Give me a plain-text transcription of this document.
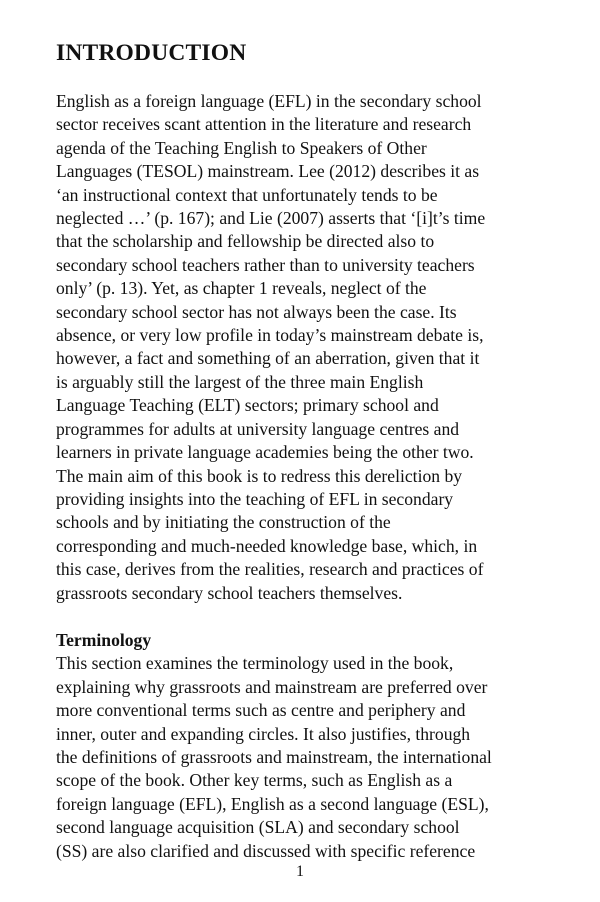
INTRODUCTION

English as a foreign language (EFL) in the secondary school
sector receives scant attention in the literature and research
agenda of the Teaching English to Speakers of Other
Languages (TESOL) mainstream. Lee (2012) describes it as
‘an instructional context that unfortunately tends to be
neglected …’ (p. 167); and Lie (2007) asserts that ‘[i]t’s time
that the scholarship and fellowship be directed also to
secondary school teachers rather than to university teachers
only’ (p. 13). Yet, as chapter 1 reveals, neglect of the
secondary school sector has not always been the case. Its
absence, or very low profile in today’s mainstream debate is,
however, a fact and something of an aberration, given that it
is arguably still the largest of the three main English
Language Teaching (ELT) sectors; primary school and
programmes for adults at university language centres and
learners in private language academies being the other two.
The main aim of this book is to redress this dereliction by
providing insights into the teaching of EFL in secondary
schools and by initiating the construction of the
corresponding and much-needed knowledge base, which, in
this case, derives from the realities, research and practices of
grassroots secondary school teachers themselves.

Terminology

This section examines the terminology used in the book,
explaining why grassroots and mainstream are preferred over
more conventional terms such as centre and periphery and
inner, outer and expanding circles. It also justifies, through
the definitions of grassroots and mainstream, the international
scope of the book. Other key terms, such as English as a
foreign language (EFL), English as a second language (ESL),
second language acquisition (SLA) and secondary school
(SS) are also clarified and discussed with specific reference

1
